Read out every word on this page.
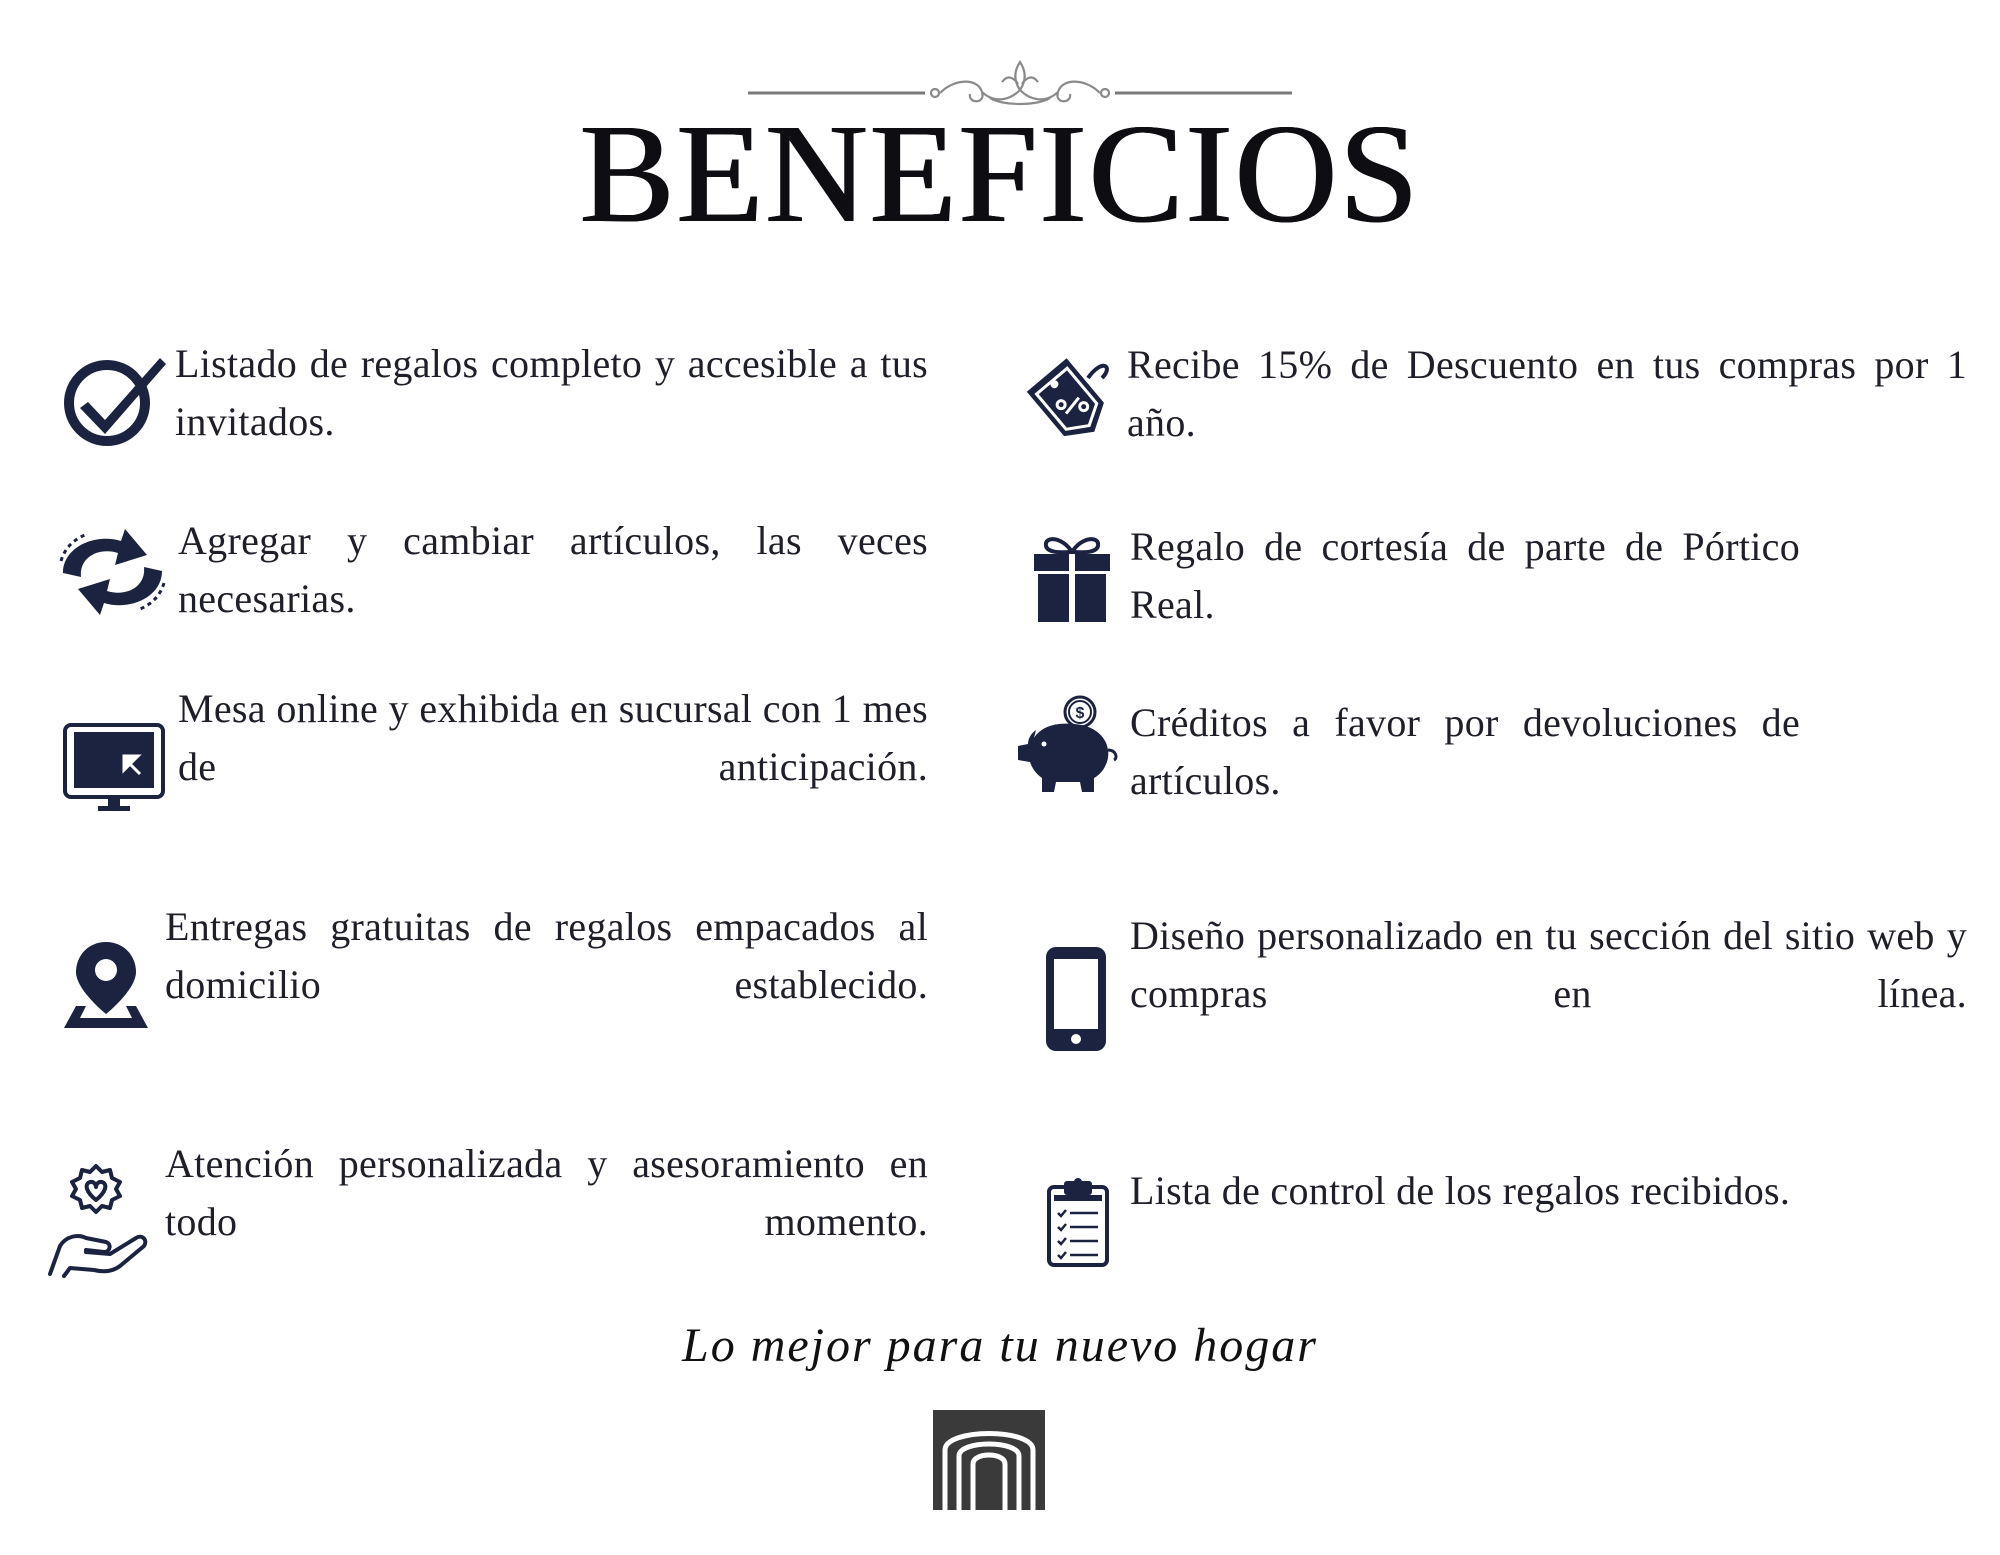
BENEFICIOS

Listado de regalos completo y accesible a tus invitados.

Agregar y cambiar artículos, las veces necesarias.

Mesa online y exhibida en sucursal con 1 mes de anticipación.

Entregas gratuitas de regalos empacados al domicilio establecido.

Atención personalizada y asesoramiento en todo momento.

Recibe 15% de Descuento en tus compras por 1 año.

Regalo de cortesía de parte de Pórtico Real.

$ Créditos a favor por devoluciones de artículos.

Diseño personalizado en tu sección del sitio web y compras en línea.

Lista de control de los regalos recibidos.

Lo mejor para tu nuevo hogar
